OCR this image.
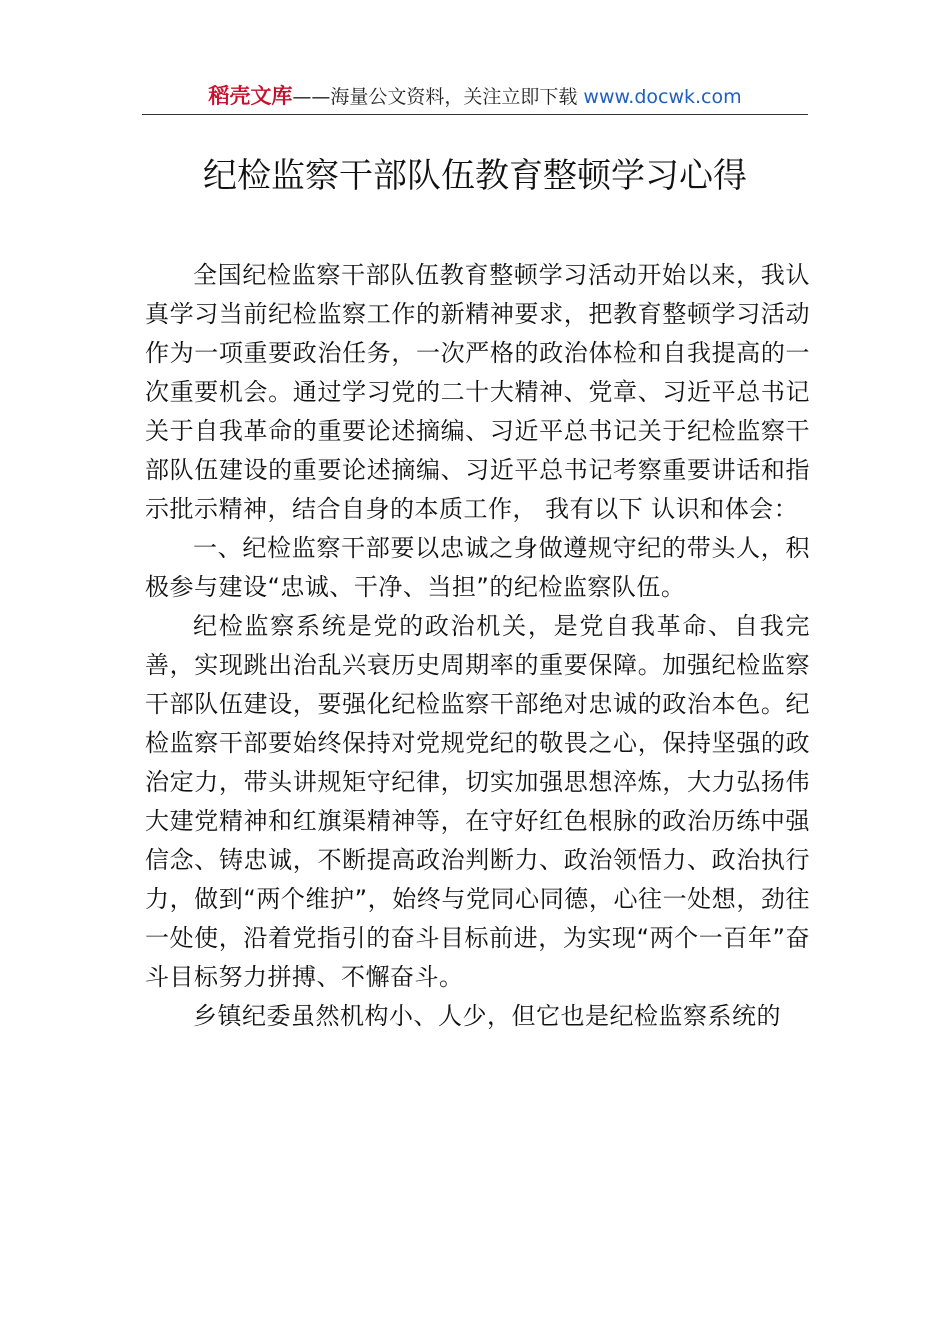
稻壳文库——海量公文资料，关注立即下载 www.docwk.com
纪检监察干部队伍教育整顿学习心得

全国纪检监察干部队伍教育整顿学习活动开始以来，我认真学习当前纪检监察工作的新精神要求，把教育整顿学习活动作为一项重要政治任务，一次严格的政治体检和自我提高的一次重要机会。通过学习党的二十大精神、党章、习近平总书记关于自我革命的重要论述摘编、习近平总书记关于纪检监察干部队伍建设的重要论述摘编、习近平总书记考察重要讲话和指示批示精神，结合自身的本质工作， 我有以下 认识和体会：

一、纪检监察干部要以忠诚之身做遵规守纪的带头人，积极参与建设“忠诚、干净、当担”的纪检监察队伍。

纪检监察系统是党的政治机关，是党自我革命、自我完善，实现跳出治乱兴衰历史周期率的重要保障。加强纪检监察干部队伍建设，要强化纪检监察干部绝对忠诚的政治本色。纪检监察干部要始终保持对党规党纪的敬畏之心，保持坚强的政治定力，带头讲规矩守纪律，切实加强思想淬炼，大力弘扬伟大建党精神和红旗渠精神等，在守好红色根脉的政治历练中强信念、铸忠诚，不断提高政治判断力、政治领悟力、政治执行力，做到“两个维护”，始终与党同心同德，心往一处想，劲往一处使，沿着党指引的奋斗目标前进，为实现“两个一百年”奋斗目标努力拼搏、不懈奋斗。

乡镇纪委虽然机构小、人少，但它也是纪检监察系统的
